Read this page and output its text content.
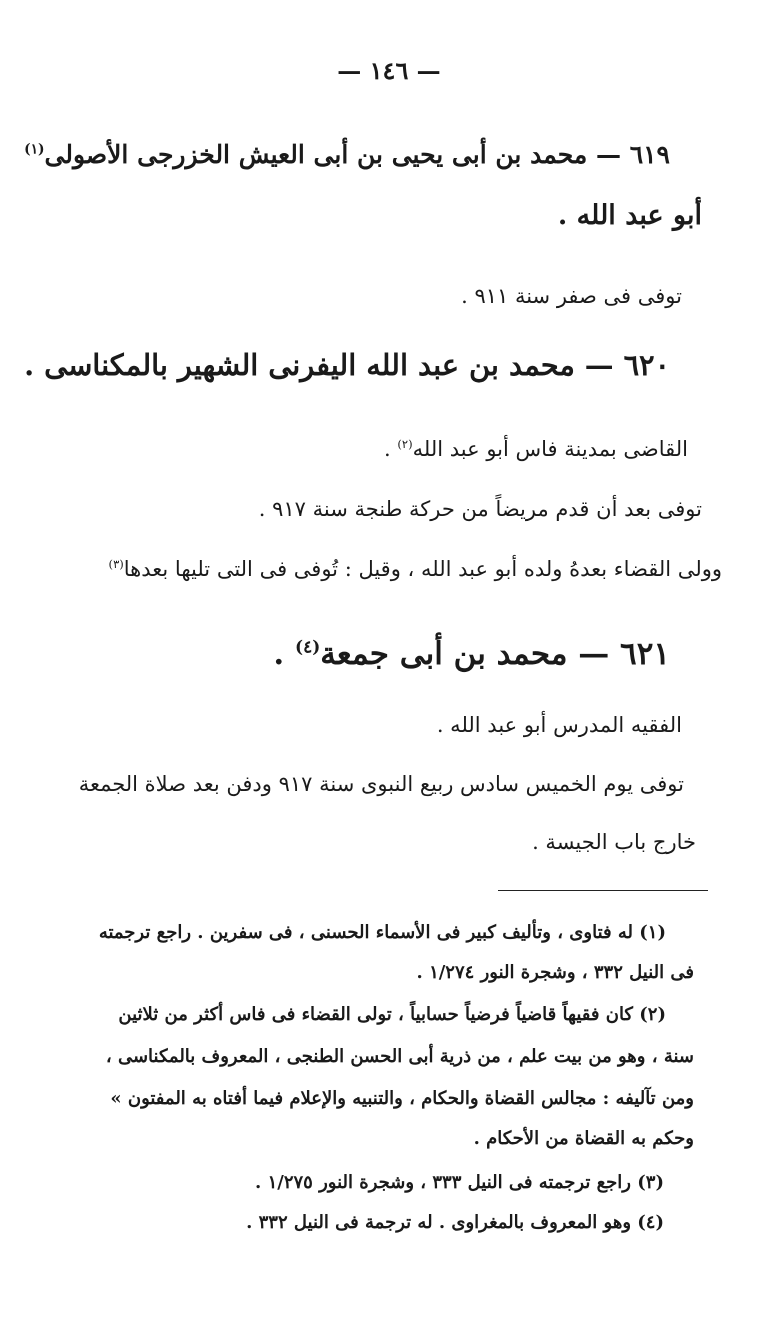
— ١٤٦ —
٦١٩ — محمد بن أبى يحيى بن أبى العيش الخزرجى الأصولى$^{(١)}$
أبو عبد الله .
توفى فى صفر سنة ٩١١ .
٦٢٠ — محمد بن عبد الله اليفرنى الشهير بالمكناسى .
القاضى بمدينة فاس أبو عبد الله$^{(٢)}$ .
توفى بعد أن قدم مريضاً من حركة طنجة سنة ٩١٧ .
وولى القضاء بعدهُ ولده أبو عبد الله ، وقيل : تُوفى فى التى تليها بعدها$^{(٣)}$
٦٢١ — محمد بن أبى جمعة$^{(٤)}$ .
الفقيه المدرس أبو عبد الله .
توفى يوم الخميس سادس ربيع النبوى سنة ٩١٧ ودفن بعد صلاة الجمعة
خارج باب الجيسة .
(١) له فتاوى ، وتأليف كبير فى الأسماء الحسنى ، فى سفرين . راجع ترجمته
فى النيل ٣٣٢ ، وشجرة النور ١/٢٧٤ .
(٢) كان فقيهاً قاضياً فرضياً حسابياً ، تولى القضاء فى فاس أكثر من ثلاثين
سنة ، وهو من بيت علم ، من ذرية أبى الحسن الطنجى ، المعروف بالمكناسى ،
ومن تآليفه : مجالس القضاة والحكام ، والتنبيه والإعلام فيما أفتاه به المفتون »
وحكم به القضاة من الأحكام .
(٣) راجع ترجمته فى النيل ٣٣٣ ، وشجرة النور ١/٢٧٥ .
(٤) وهو المعروف بالمغراوى . له ترجمة فى النيل ٣٣٢ .
